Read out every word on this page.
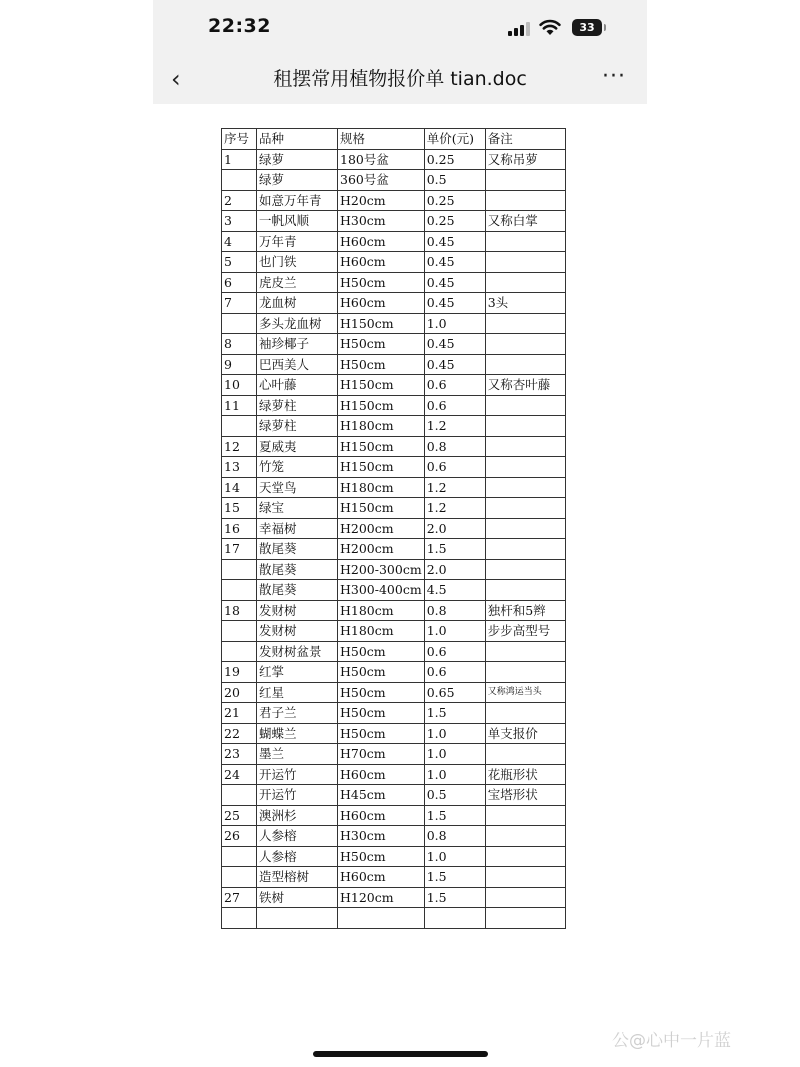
22:32	33
‹	租摆常用植物报价单 tian.doc	···
序号	品种	规格	单价(元)	备注
1	绿萝	180号盆	0.25	又称吊萝
	绿萝	360号盆	0.5	
2	如意万年青	H20cm	0.25	
3	一帆风顺	H30cm	0.25	又称白掌
4	万年青	H60cm	0.45	
5	也门铁	H60cm	0.45	
6	虎皮兰	H50cm	0.45	
7	龙血树	H60cm	0.45	3头
	多头龙血树	H150cm	1.0	
8	袖珍椰子	H50cm	0.45	
9	巴西美人	H50cm	0.45	
10	心叶藤	H150cm	0.6	又称杏叶藤
11	绿萝柱	H150cm	0.6	
	绿萝柱	H180cm	1.2	
12	夏威夷	H150cm	0.8	
13	竹笼	H150cm	0.6	
14	天堂鸟	H180cm	1.2	
15	绿宝	H150cm	1.2	
16	幸福树	H200cm	2.0	
17	散尾葵	H200cm	1.5	
	散尾葵	H200-300cm	2.0	
	散尾葵	H300-400cm	4.5	
18	发财树	H180cm	0.8	独杆和5辫
	发财树	H180cm	1.0	步步高型号
	发财树盆景	H50cm	0.6	
19	红掌	H50cm	0.6	
20	红星	H50cm	0.65	又称鸿运当头
21	君子兰	H50cm	1.5	
22	蝴蝶兰	H50cm	1.0	单支报价
23	墨兰	H70cm	1.0	
24	开运竹	H60cm	1.0	花瓶形状
	开运竹	H45cm	0.5	宝塔形状
25	澳洲杉	H60cm	1.5	
26	人参榕	H30cm	0.8	
	人参榕	H50cm	1.0	
	造型榕树	H60cm	1.5	
27	铁树	H120cm	1.5	

公@心中一片蓝
